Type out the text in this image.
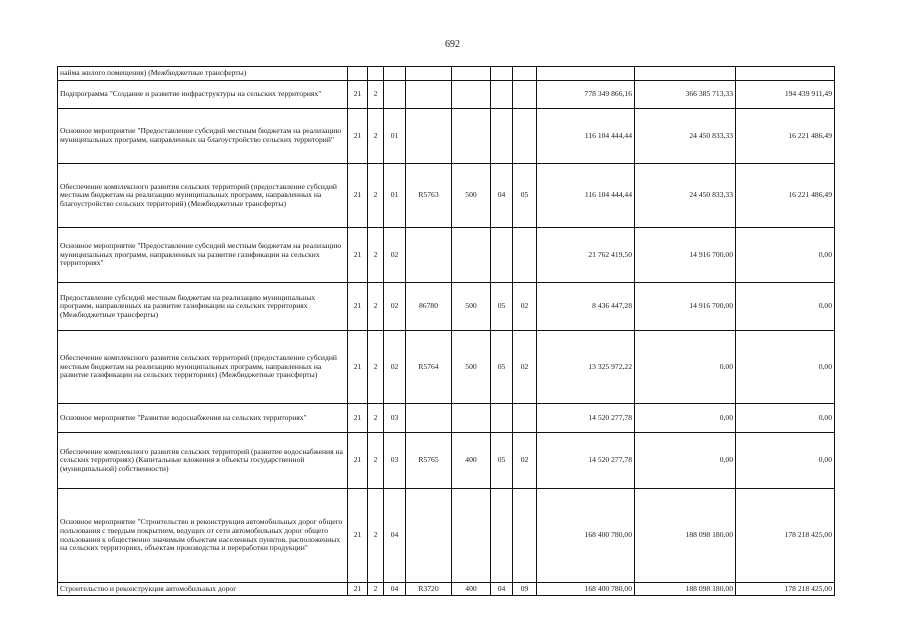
692
найма жилого помещения) (Межбюджетные трансферты)										
Подпрограмма "Создание и развитие инфраструктуры на сельских территориях"	21	2						778 349 866,16	366 385 713,33	194 439 911,49
Основное мероприятие "Предоставление субсидий местным бюджетам на реализацию муниципальных программ, направленных на благоустройство сельских территорий"	21	2	01					116 104 444,44	24 450 833,33	16 221 486,49
Обеспечение комплексного развития сельских территорий (предоставление субсидий местным бюджетам на реализацию муниципальных программ, направленных на благоустройство сельских территорий) (Межбюджетные трансферты)	21	2	01	R5763	500	04	05	116 104 444,44	24 450 833,33	16 221 486,49
Основное мероприятие "Предоставление субсидий местным бюджетам на реализацию муниципальных программ, направленных на развитие газификации на сельских территориях"	21	2	02					21 762 419,50	14 916 700,00	0,00
Предоставление субсидий местным бюджетам на реализацию муниципальных программ, направленных на развитие газификации на сельских территориях (Межбюджетные трансферты)	21	2	02	86780	500	05	02	8 436 447,28	14 916 700,00	0,00
Обеспечение комплексного развития сельских территорий (предоставление субсидий местным бюджетам на реализацию муниципальных программ, направленных на развитие газификации на сельских территориях) (Межбюджетные трансферты)	21	2	02	R5764	500	05	02	13 325 972,22	0,00	0,00
Основное мероприятие "Развитие водоснабжения на сельских территориях"	21	2	03					14 520 277,78	0,00	0,00
Обеспечение комплексного развития сельских территорий (развитие водоснабжения на сельских территориях) (Капитальные вложения в объекты государственной (муниципальной) собственности)	21	2	03	R5765	400	05	02	14 520 277,78	0,00	0,00
Основное мероприятие "Строительство и реконструкция автомобильных дорог общего пользования с твердым покрытием, ведущих от сети автомобильных дорог общего пользования к общественно значимым объектам населенных пунктов, расположенных на сельских территориях, объектам производства и переработки продукции"	21	2	04					168 400 780,00	188 098 180,00	178 218 425,00
Строительство и реконструкция автомобильных дорог	21	2	04	R3720	400	04	09	168 400 780,00	188 098 180,00	178 218 425,00
